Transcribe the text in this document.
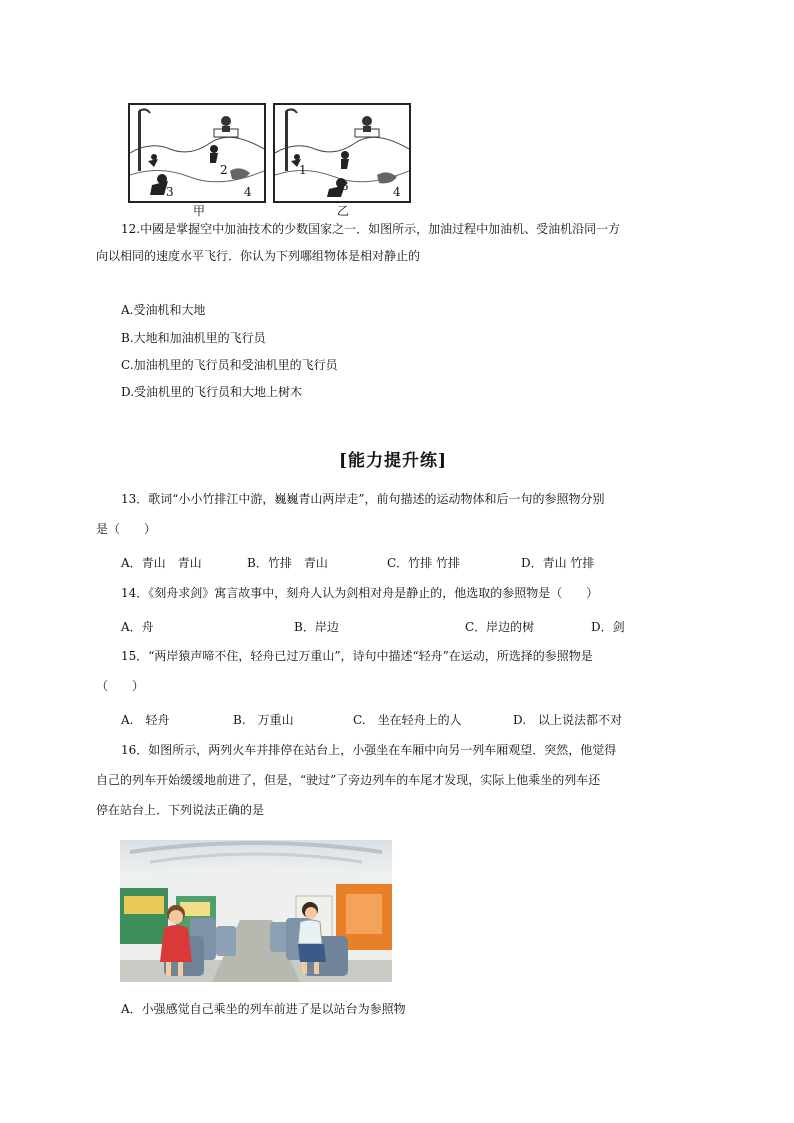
2
3	4
甲
1
3	4
乙
12.中國是掌握空中加油技术的少数国家之一．如图所示，加油过程中加油机、受油机沿同一方
向以相同的速度水平飞行．你认为下列哪组物体是相对静止的
A.受油机和大地
B.大地和加油机里的飞行员
C.加油机里的飞行员和受油机里的飞行员
D.受油机里的飞行员和大地上树木
[能力提升练]
13．歌词“小小竹排江中游，巍巍青山两岸走”，前句描述的运动物体和后一句的参照物分别
是（　　）
A．青山　青山	B．竹排　青山	C．竹排 竹排	D．青山 竹排
14．《刻舟求剑》寓言故事中，刻舟人认为剑相对舟是静止的，他选取的参照物是（　　）
A．舟	B．岸边	C．岸边的树	D．剑
15．“两岸猿声啼不住，轻舟已过万重山”，诗句中描述“轻舟”在运动，所选择的参照物是
（　　）
A.　轻舟	B.　万重山	C.　坐在轻舟上的人	D.　以上说法都不对
16．如图所示，两列火车并排停在站台上，小强坐在车厢中向另一列车厢观望．突然，他觉得
自己的列车开始缓缓地前进了，但是，“驶过”了旁边列车的车尾才发现，实际上他乘坐的列车还
停在站台上．下列说法正确的是
A．小强感觉自己乘坐的列车前进了是以站台为参照物
